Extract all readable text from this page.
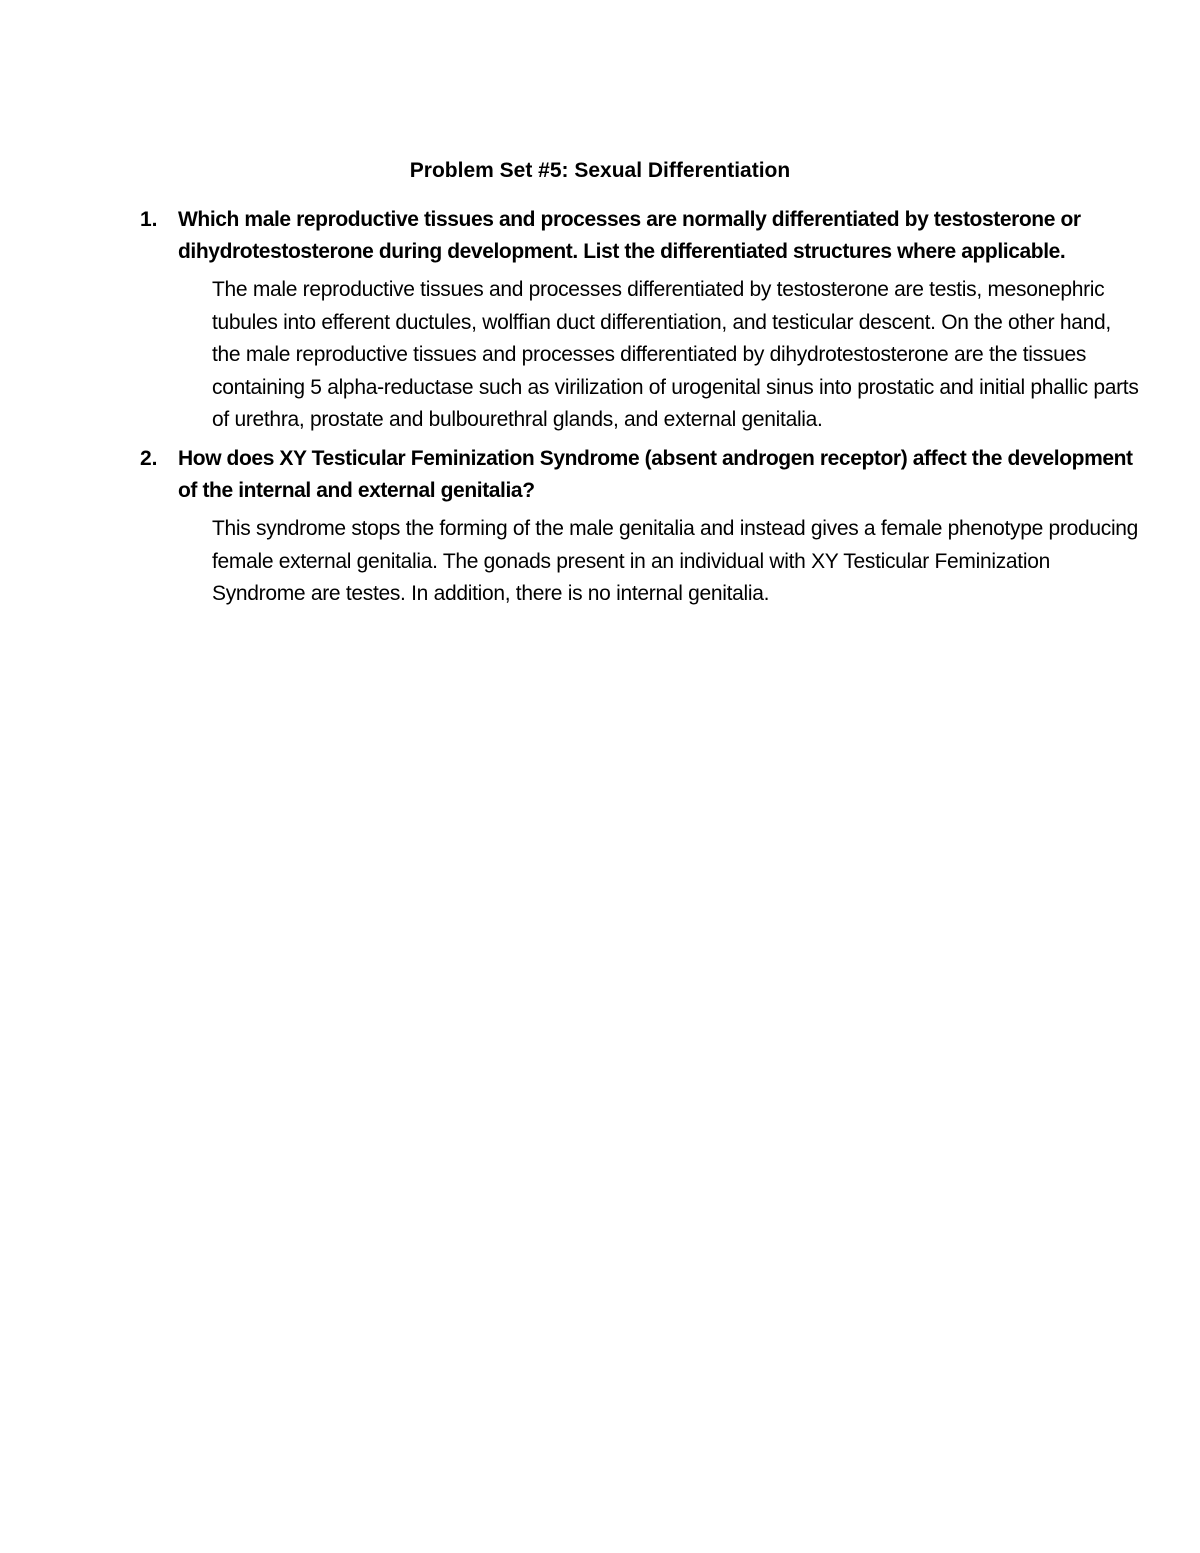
Problem Set #5: Sexual Differentiation
1. Which male reproductive tissues and processes are normally differentiated by testosterone or dihydrotestosterone during development. List the differentiated structures where applicable.
The male reproductive tissues and processes differentiated by testosterone are testis, mesonephric tubules into efferent ductules, wolffian duct differentiation, and testicular descent. On the other hand, the male reproductive tissues and processes differentiated by dihydrotestosterone are the tissues containing 5 alpha-reductase such as virilization of urogenital sinus into prostatic and initial phallic parts of urethra, prostate and bulbourethral glands, and external genitalia.
2. How does XY Testicular Feminization Syndrome (absent androgen receptor) affect the development of the internal and external genitalia?
This syndrome stops the forming of the male genitalia and instead gives a female phenotype producing female external genitalia. The gonads present in an individual with XY Testicular Feminization Syndrome are testes. In addition, there is no internal genitalia.
